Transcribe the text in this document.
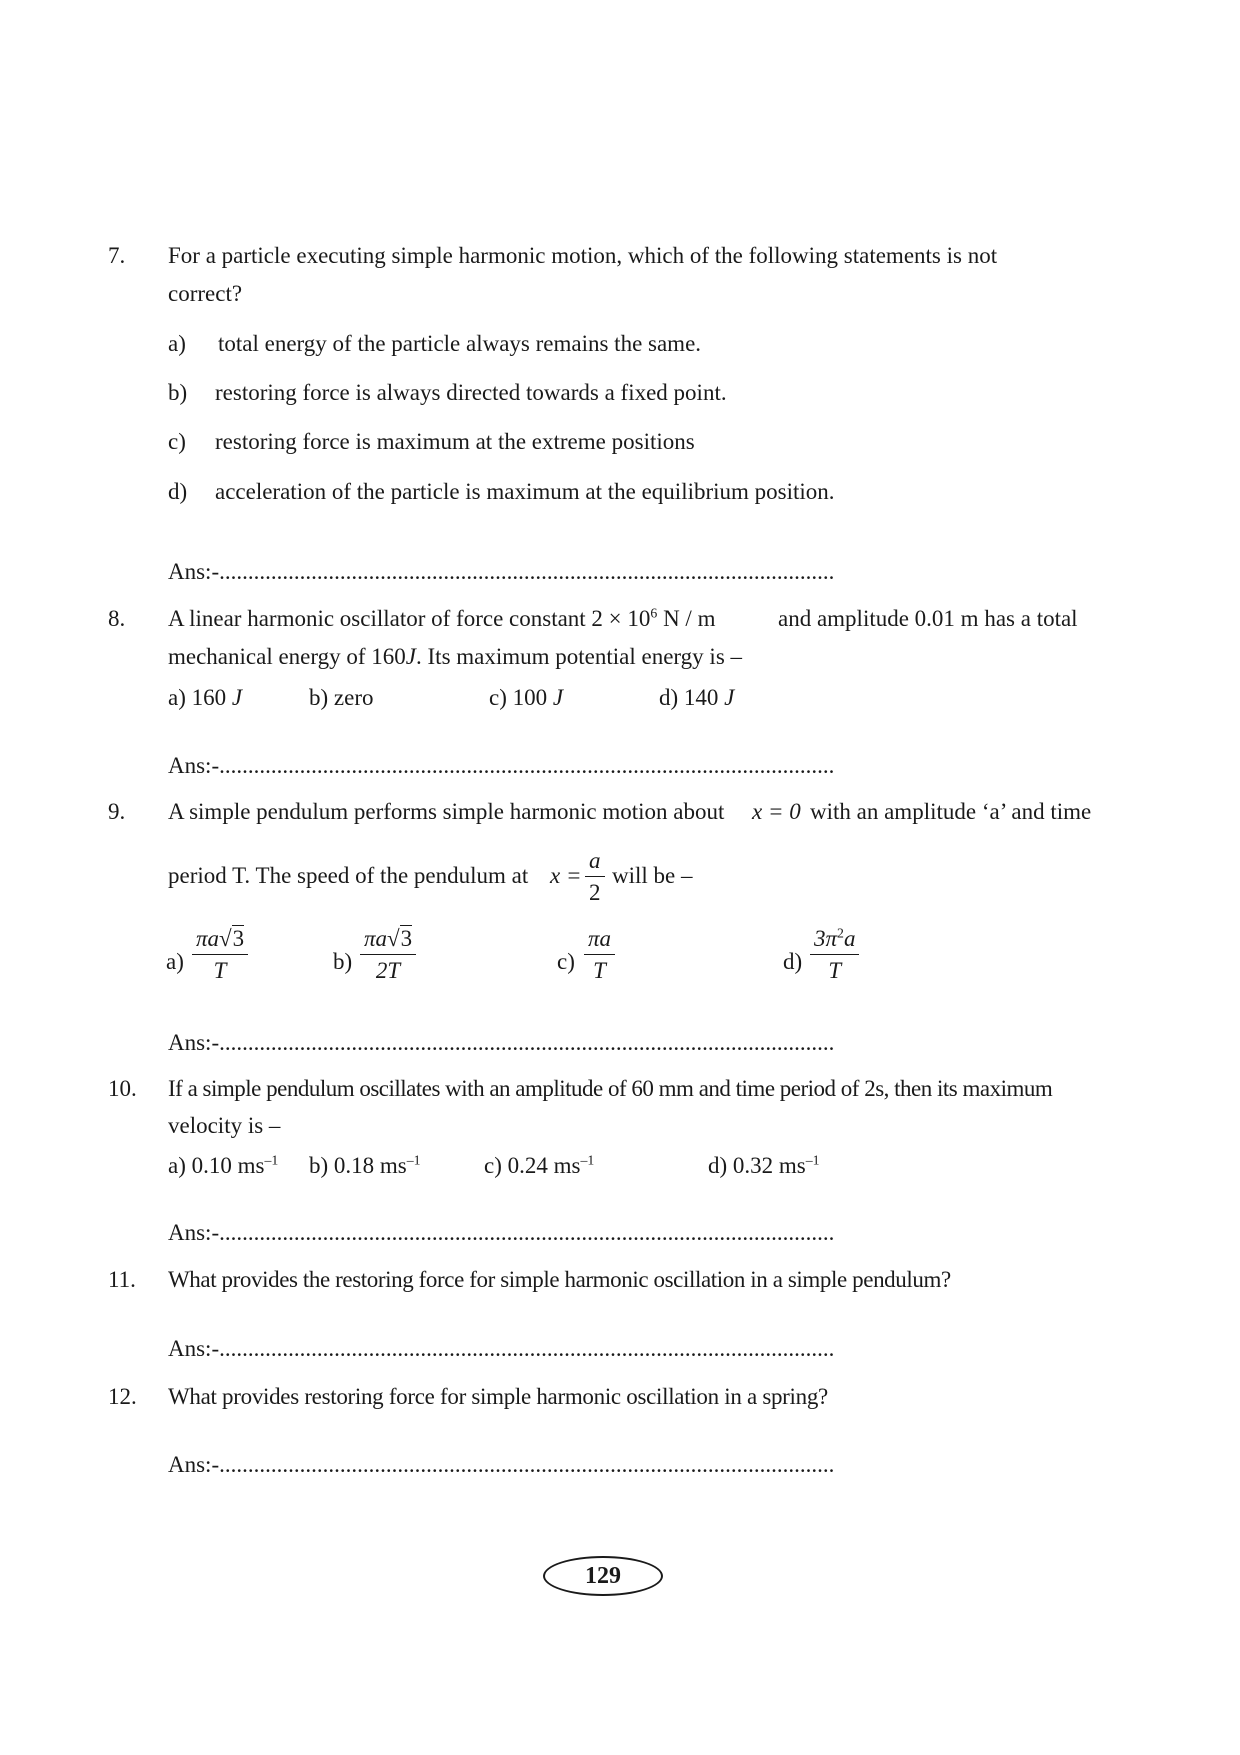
7. For a particle executing simple harmonic motion, which of the following statements is not
correct?
a) total energy of the particle always remains the same.
b) restoring force is always directed towards a fixed point.
c) restoring force is maximum at the extreme positions
d) acceleration of the particle is maximum at the equilibrium position.
Ans:-...........................................................................................................
8. A linear harmonic oscillator of force constant $2 \times 10^6$ N / m	and amplitude 0.01 m has a total
mechanical energy of 160J. Its maximum potential energy is –
a) 160 J	b) zero	c) 100 J	d) 140 J
Ans:-...........................................................................................................
9. A simple pendulum performs simple harmonic motion about x = 0 with an amplitude ‘a’ and time
period T. The speed of the pendulum at $x = \frac{a}{2}$ will be –
$a) \frac{\pi a√3}{T}$	$b) \frac{\pi a√3}{2T}$	$c) \frac{\pi a}{T}$	$d) \frac{3\pi^2a}{T}$
Ans:-...........................................................................................................
10. If a simple pendulum oscillates with an amplitude of 60 mm and time period of 2s, then its maximum
velocity is –
a) 0.10 $ms^{-1}$ b) 0.18 $ms^{-1}$	c) 0.24 $ms^{-1}$	d) 0.32 $ms^{-1}$
Ans:-...........................................................................................................
11. What provides the restoring force for simple harmonic oscillation in a simple pendulum?
Ans:-...........................................................................................................
12. What provides restoring force for simple harmonic oscillation in a spring?
Ans:-...........................................................................................................
129
